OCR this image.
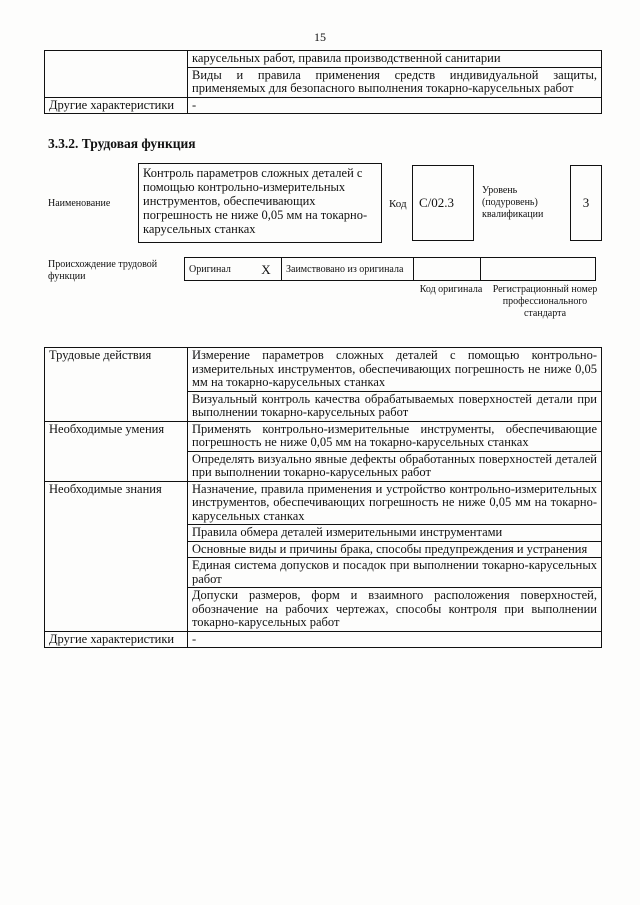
15
	карусельных работ, правила производственной санитарии
	Виды и правила применения средств индивидуальной защиты, применяемых для безопасного выполнения токарно-карусельных работ
Другие характеристики	-
3.3.2. Трудовая функция
Наименование
Контроль параметров сложных деталей с помощью контрольно-измерительных инструментов, обеспечивающих погрешность не ниже 0,05 мм на токарно-карусельных станках
Код C/02.3
Уровень (подуровень) квалификации
3
Происхождение трудовой функции
Оригинал	X	Заимствовано из оригинала		
Код оригинала Регистрационный номер профессионального стандарта
Трудовые действия	Измерение параметров сложных деталей с помощью контрольно-измерительных инструментов, обеспечивающих погрешность не ниже 0,05 мм на токарно-карусельных станках
	Визуальный контроль качества обрабатываемых поверхностей детали при выполнении токарно-карусельных работ
Необходимые умения	Применять контрольно-измерительные инструменты, обеспечивающие погрешность не ниже 0,05 мм на токарно-карусельных станках
	Определять визуально явные дефекты обработанных поверхностей деталей при выполнении токарно-карусельных работ
Необходимые знания	Назначение, правила применения и устройство контрольно-измерительных инструментов, обеспечивающих погрешность не ниже 0,05 мм на токарно-карусельных станках
	Правила обмера деталей измерительными инструментами
	Основные виды и причины брака, способы предупреждения и устранения
	Единая система допусков и посадок при выполнении токарно-карусельных работ
	Допуски размеров, форм и взаимного расположения поверхностей, обозначение на рабочих чертежах, способы контроля при выполнении токарно-карусельных работ
Другие характеристики	-
